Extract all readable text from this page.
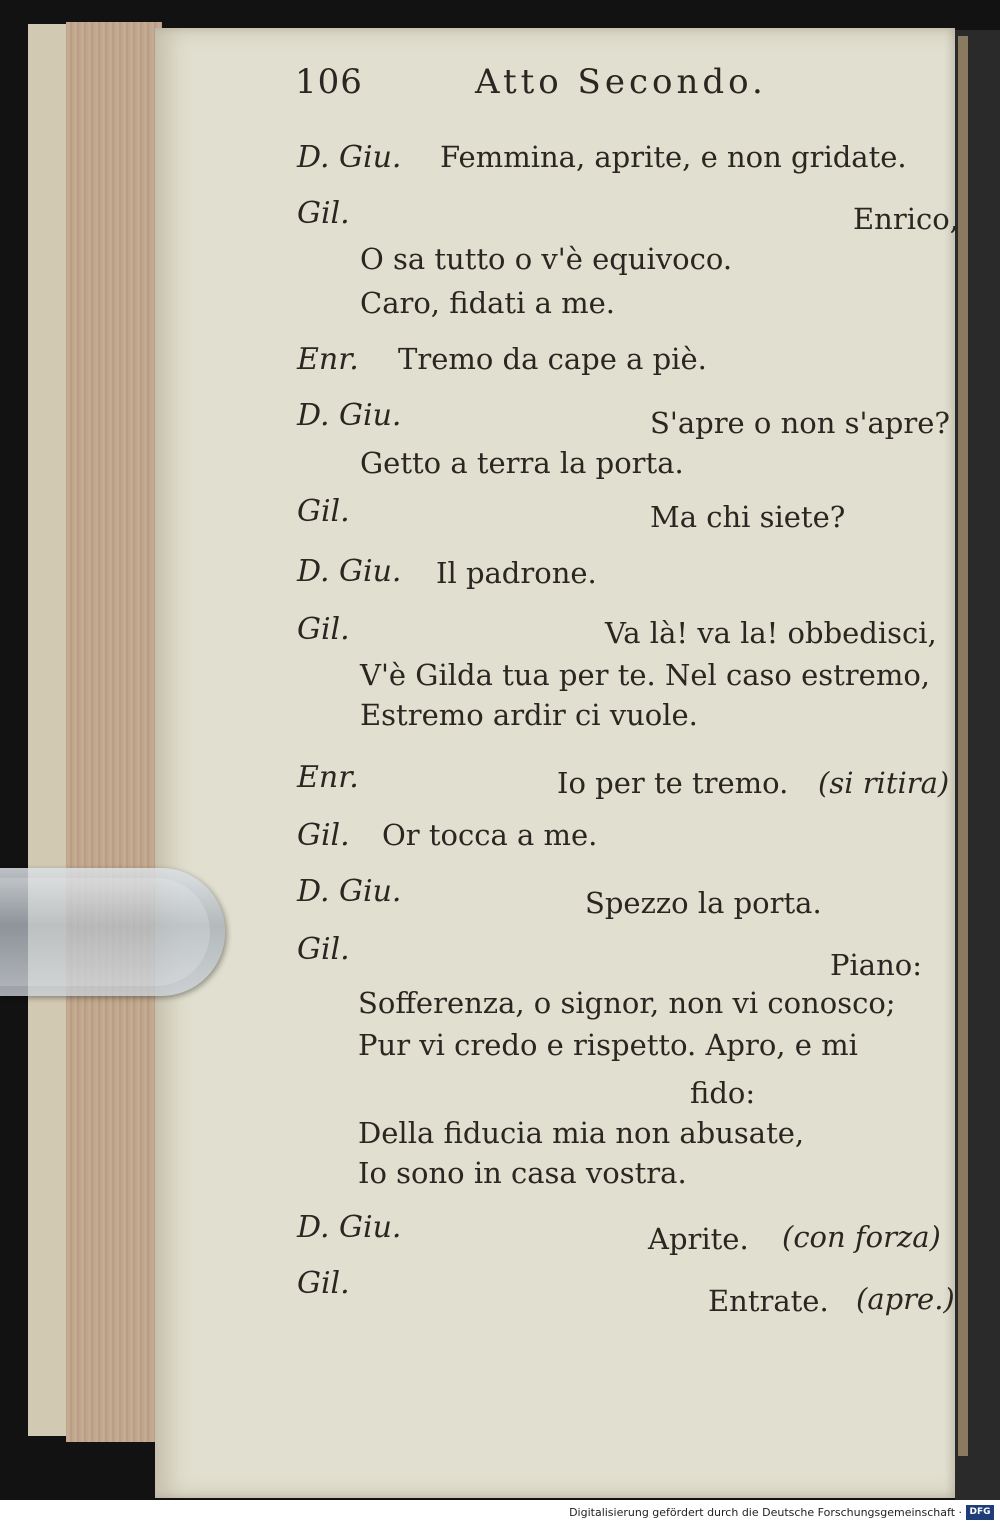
106	Atto Secondo.
D. Giu. Femmina, aprite, e non gridate.
Gil.	Enrico,
O sa tutto o v'è equivoco.
Caro, fidati a me.
Enr. Tremo da cape a piè.
D. Giu.	S'apre o non s'apre?
Getto a terra la porta.
Gil.	Ma chi siete?
D. Giu. Il padrone.
Gil.	Va là! va la! obbedisci,
V'è Gilda tua per te. Nel caso estremo,
Estremo ardir ci vuole.
Enr.	Io per te tremo. (si ritira)
Gil. Or tocca a me.
D. Giu.	Spezzo la porta.
Gil.	Piano:
Sofferenza, o signor, non vi conosco;
Pur vi credo e rispetto. Apro, e mi
fido:
Della fiducia mia non abusate,
Io sono in casa vostra.
D. Giu.	Aprite. (con forza)
Gil.	Entrate. (apre.)
Digitalisierung gefördert durch die Deutsche Forschungsgemeinschaft · DFG
